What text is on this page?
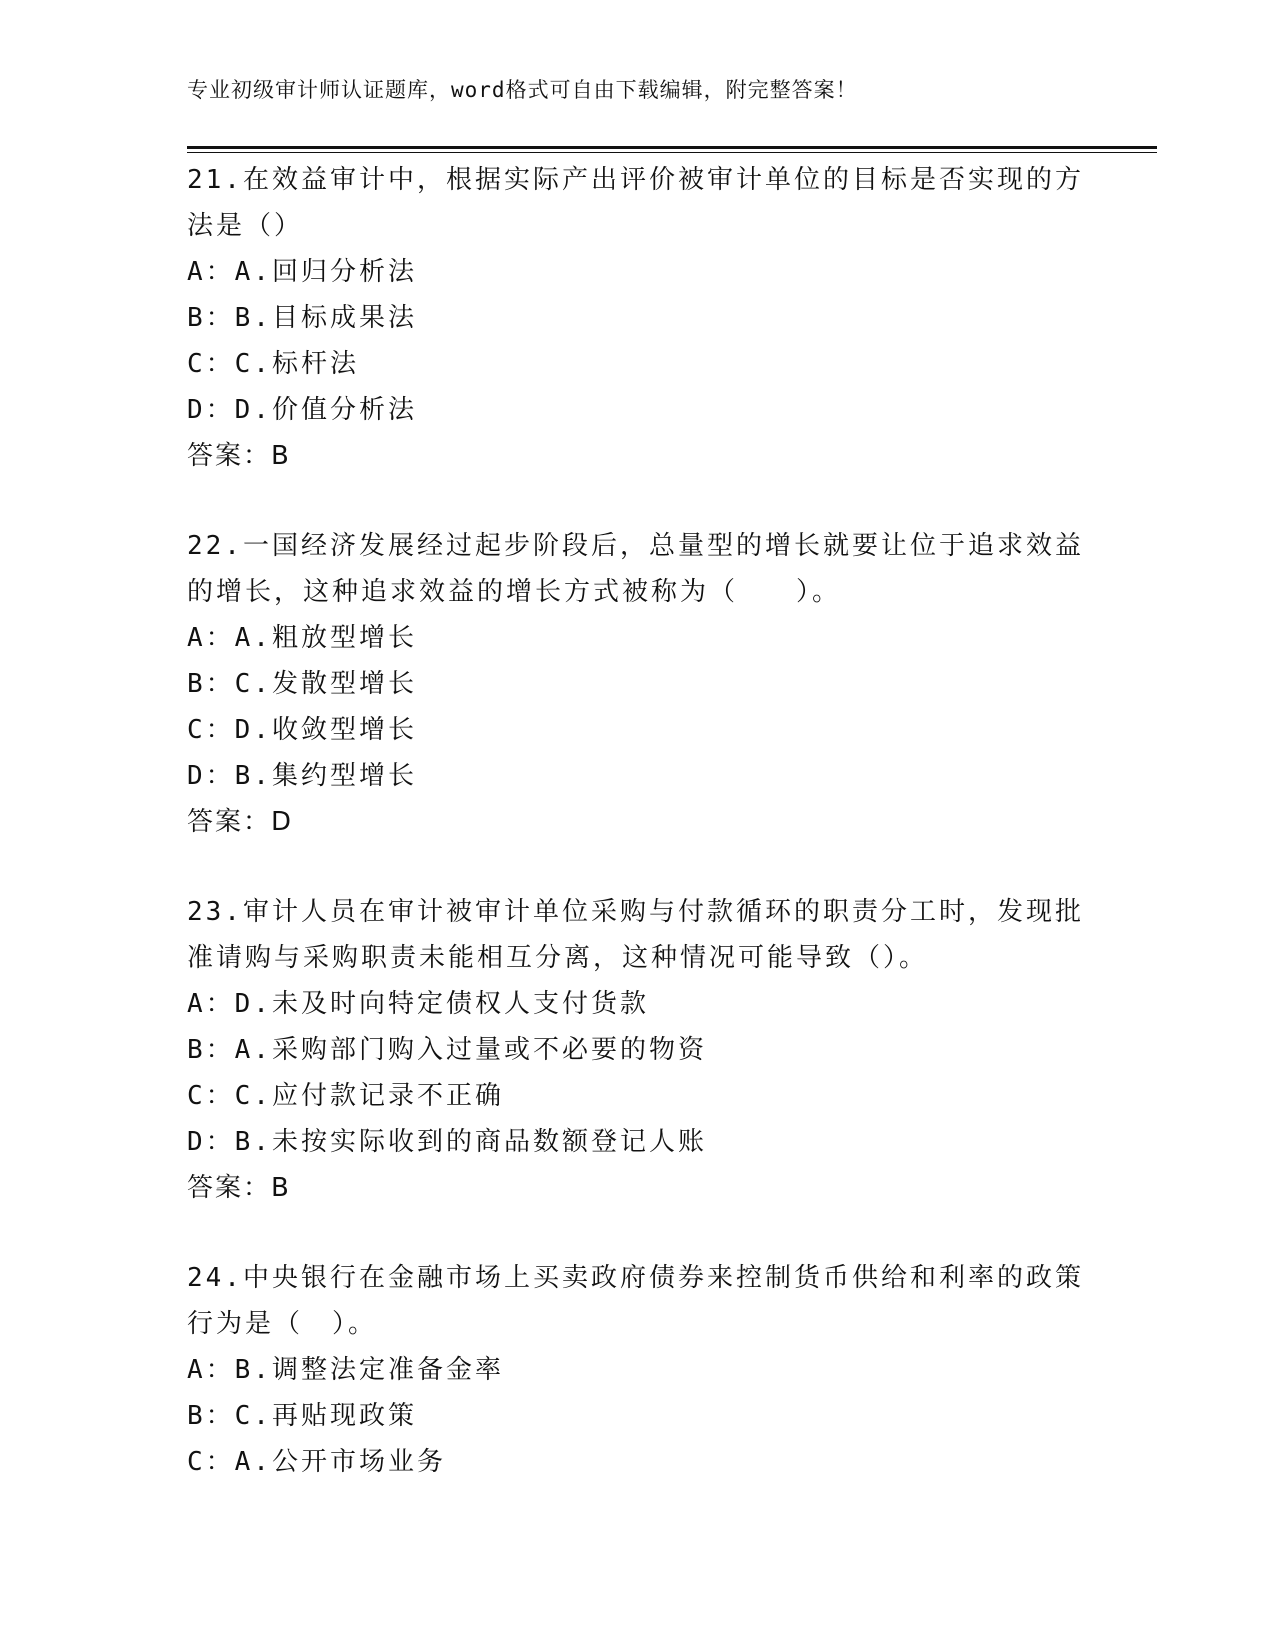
专业初级审计师认证题库，word格式可自由下载编辑，附完整答案！

21.在效益审计中，根据实际产出评价被审计单位的目标是否实现的方法是（）

A：A.回归分析法
B：B.目标成果法
C：C.标杆法
D：D.价值分析法
答案：B

22.一国经济发展经过起步阶段后，总量型的增长就要让位于追求效益的增长，这种追求效益的增长方式被称为（　　）。

A：A.粗放型增长
B：C.发散型增长
C：D.收敛型增长
D：B.集约型增长
答案：D

23.审计人员在审计被审计单位采购与付款循环的职责分工时，发现批准请购与采购职责未能相互分离，这种情况可能导致（）。

A：D.未及时向特定债权人支付货款
B：A.采购部门购入过量或不必要的物资
C：C.应付款记录不正确
D：B.未按实际收到的商品数额登记人账
答案：B

24.中央银行在金融市场上买卖政府债券来控制货币供给和利率的政策行为是（　）。

A：B.调整法定准备金率
B：C.再贴现政策
C：A.公开市场业务
